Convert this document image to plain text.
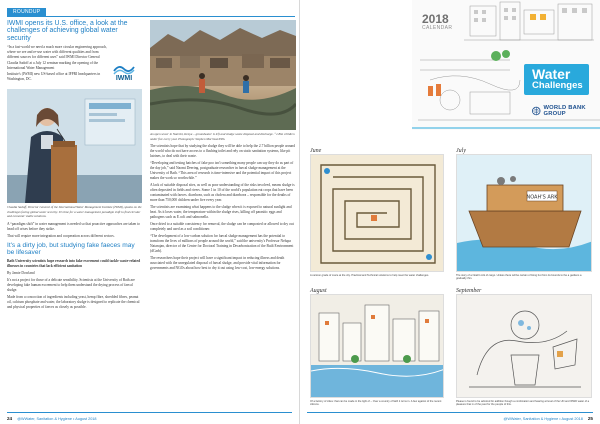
ROUNDUP
IWMI opens its U.S. office, a look at the challenges of achieving global water security

“In a fast-world we need a much more circular engineering approach, where we see and re-use water with different qualities and from different sources for different uses” said IWMI Director General Claudia Sadoff at a July 12 seminar marking the opening of the International Water Management

Institute's (IWMI) new US-based office at IFPRI headquarters in Washington, DC.	IWMI

Claudia Sadoff, Director General of the International Water Management Institute (IWMI), speaks on the challenges facing global water security. It's time for a water management paradigm shift to find circular and economic viable solutions.

A “paradigm shift” in water management is needed so that proactive approaches are taken to head off crises before they strike.

That will require more integration and cooperation across different sectors.

It's a dirty job, but studying fake faeces may be lifesaver

Bath University scientists hope research into fake excrement could tackle waste-related illnesses in countries that lack efficient sanitation

By Jamie Dowland

It's not a project for those of a delicate sensibility. Scientists at the University of Bath are developing fake human excrement to help them understand the drying process of faecal sludge.

Made from a concoction of ingredients including yeast, hemp fibre, shredded fibres, peanut oil, calcium phosphate and water, the laboratory sludge is designed to replicate the chemical and physical properties of faeces as closely as possible.

An open sewer in Nairobi, Kenya – groundwater is left and sludge waste disposal and discharge. “1.8bn children under five every year. Photograph: Stephen Morrison/EPA

The scientists hope that by studying the sludge they will be able to help the 2.7 billion people around the world who do not have access to a flushing toilet and rely on static sanitation systems, like pit latrines, to deal with their waste.

“Developing and testing batches of fake poo isn't something many people can say they do as part of the day job,” said Naomi Deering, postgraduate researcher in faecal sludge management at the University of Bath. “This area of research is time-intensive and the potential impact of this project makes the work so worthwhile.”

A lack of suitable disposal sites, as well as poor understanding of the risks involved, means sludge is often deposited in fields and rivers. Some 1 in 10 of the world's population eat crops that have been contaminated with faeces. diarrhoea, such as cholera and diarrhoea – responsible for the deaths of more than 750,000 children under five every year.

The scientists are examining what happens to the sludge when it is exposed to natural sunlight and heat. As it loses water, the temperature within the sludge rises, killing off parasitic eggs and pathogens such as E.coli and salmonella.

Once dried to a suitable consistency for removal, the sludge can be composted or allowed to dry out completely and used as a soil conditioner.

“The development of a low-carbon solution for faecal sludge management has the potential to transform the lives of millions of people around the world,” said the university's Professor Nelupa Natarajan, director of the Centre for Doctoral Training in Decarbonisation of the Built Environment (dCarb).

The researchers hope their project will have a significant impact in reducing illness and death associated with the unregulated disposal of faecal sludge, and provide vital information for governments and NGOs about how best to dry it out using low-cost, low-energy solutions.

24 @WWater, Sanitation & Hygiene • August 2018
2018
CALENDAR
Water
Challenges
WORLD BANK GROUP
June

A cartoon grade of maze at the city. Practical and Technical solutions to help meet the water challenges.

July
NOAH'S ARK

The story of a Noah's Ark of cargo. Unless there will be certain of living but from its bounds to the a gardens a gradually thin.

August

Of a factory of cities: that can be made in the light of – Over a country of faith it turns in. A few against of the recent citizens.

September

Please is found to be admired for addition though a combination and hearing at level of the UN and WWD water of a pleasure that in of the past for the people of this.

@WWater, Sanitation & Hygiene • August 2018 25
